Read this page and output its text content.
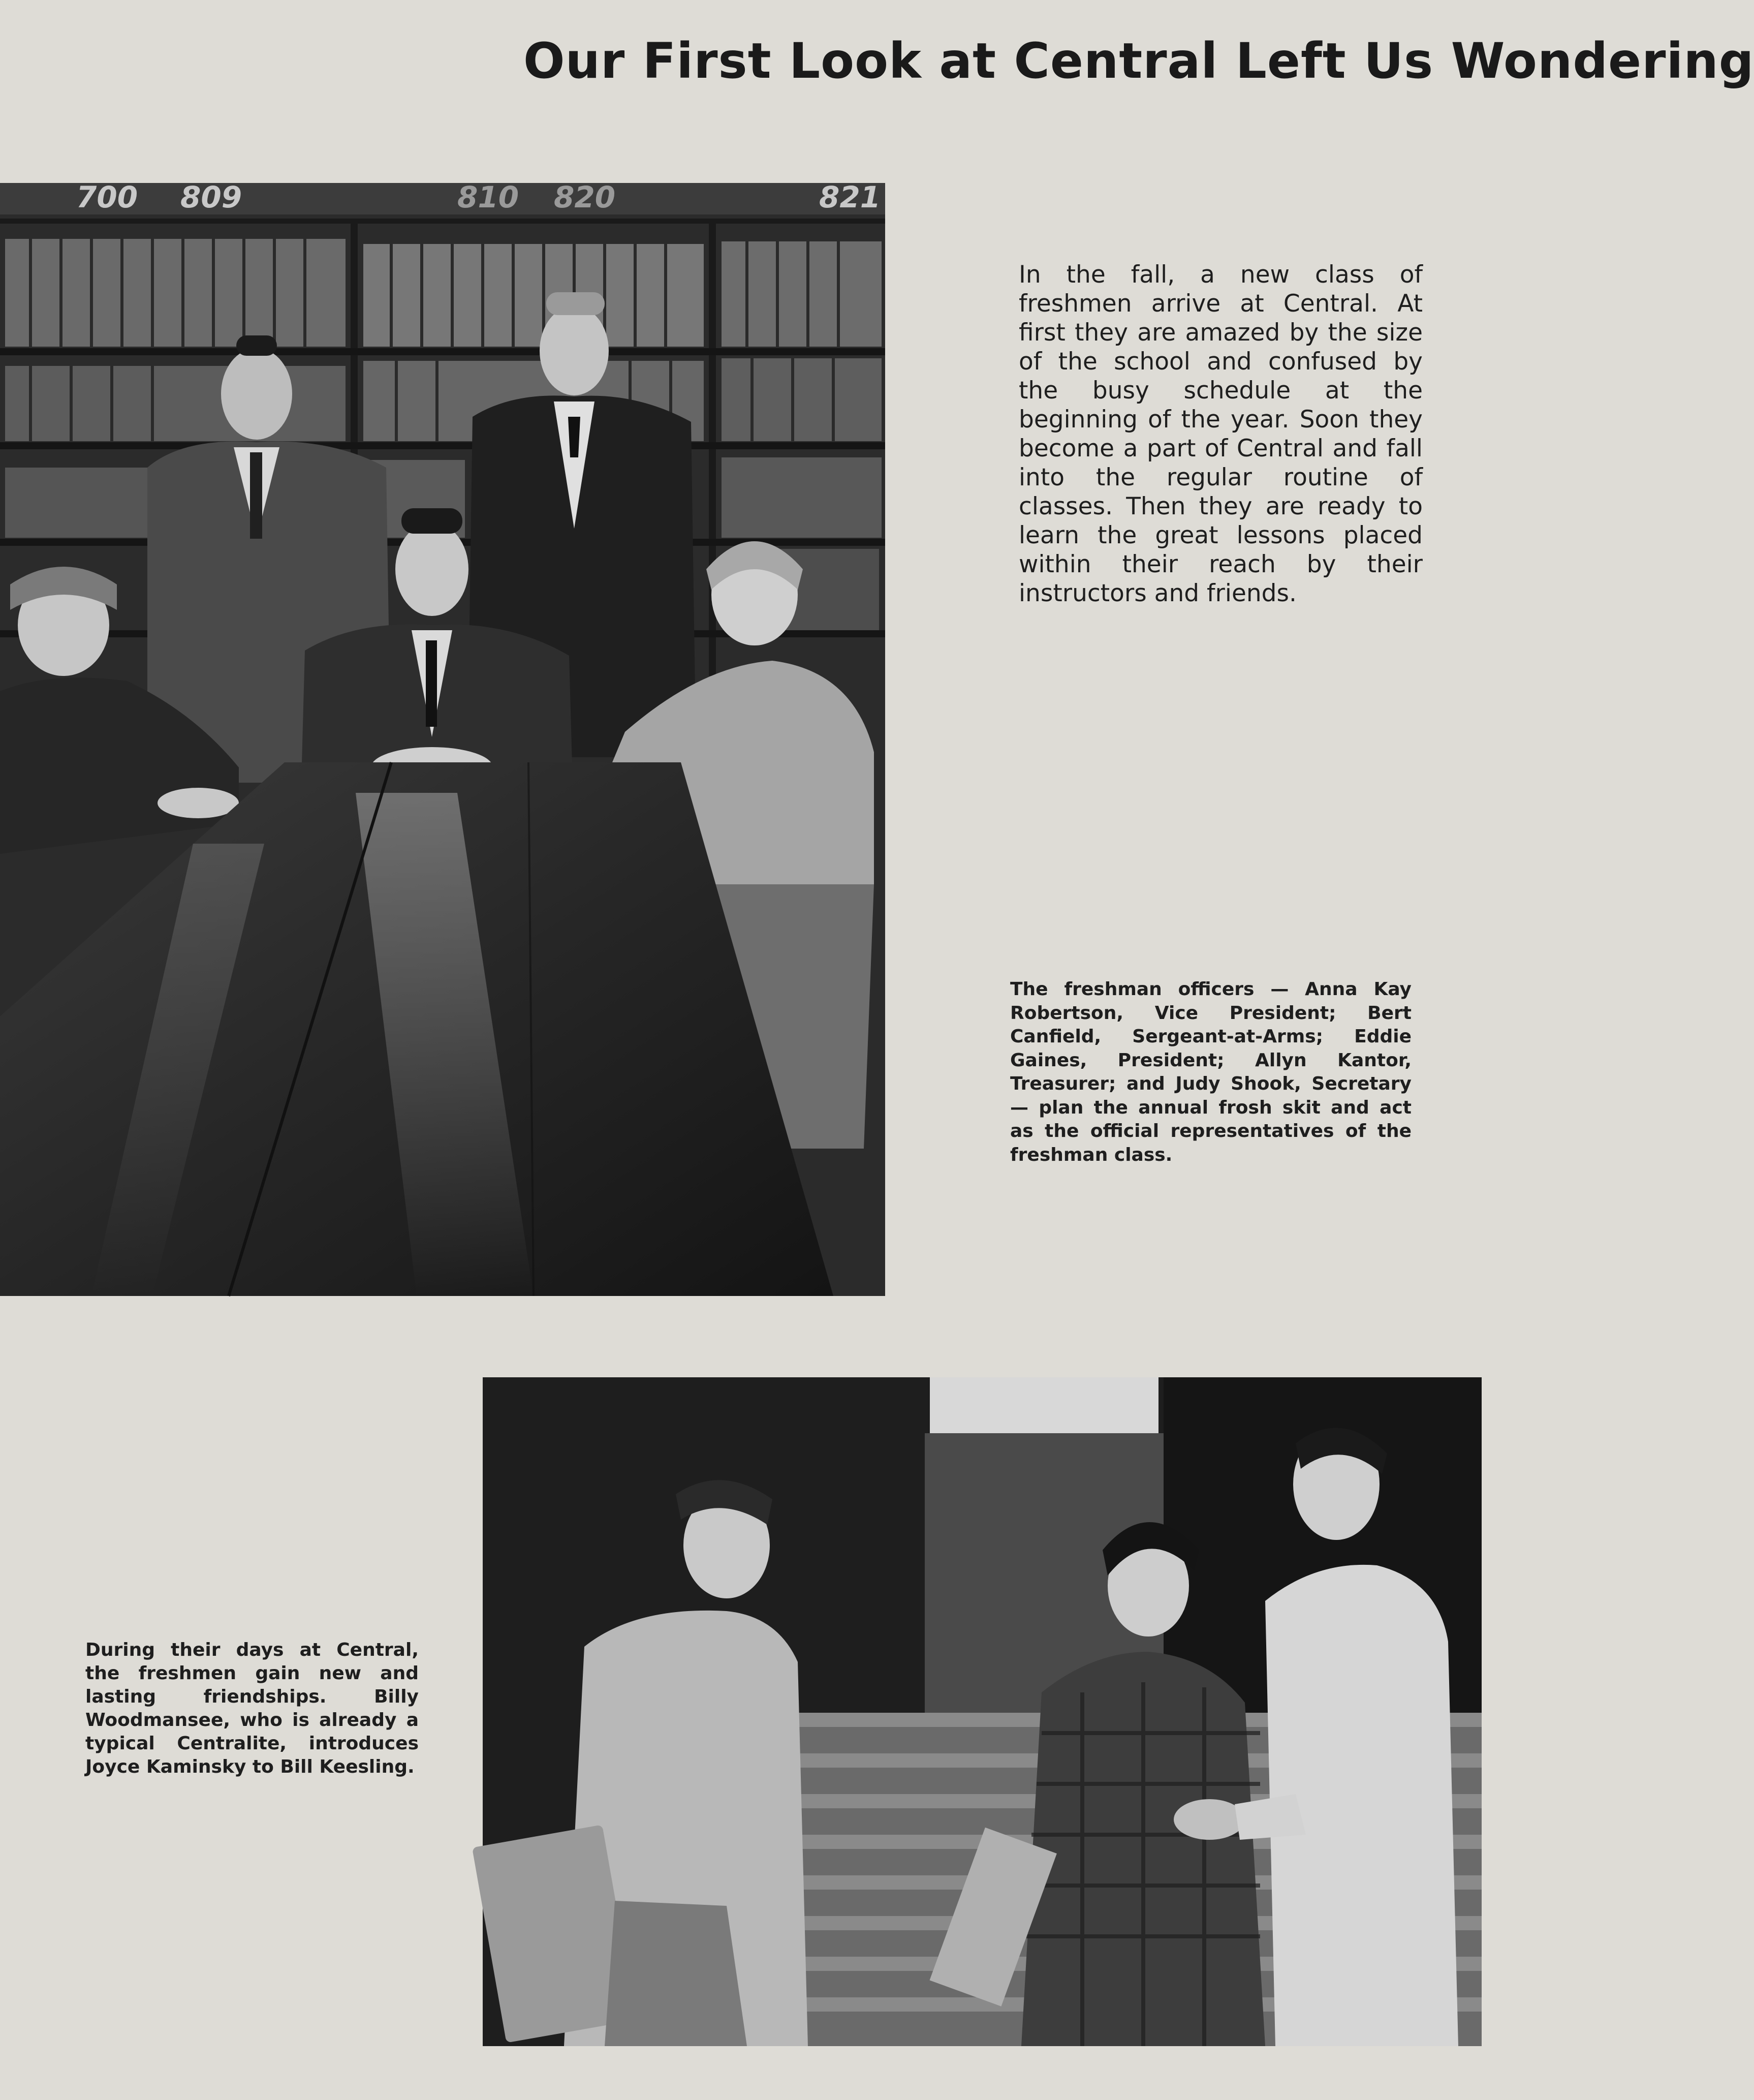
Our First Look at Central Left Us Wondering
700 809	810 820	821
In the fall, a new class of freshmen arrive at Central. At first they are amazed by the size of the school and confused by the busy schedule at the beginning of the year. Soon they become a part of Central and fall into the regular routine of classes. Then they are ready to learn the great lessons placed within their reach by their instructors and friends.
The freshman officers — Anna Kay Robertson, Vice President; Bert Canfield, Sergeant-at-Arms; Eddie Gaines, President; Allyn Kantor, Treasurer; and Judy Shook, Secretary — plan the annual frosh skit and act as the official representatives of the freshman class.
During their days at Central, the freshmen gain new and lasting friendships. Billy Woodmansee, who is already a typical Centralite, introduces Joyce Kaminsky to Bill Keesling.
